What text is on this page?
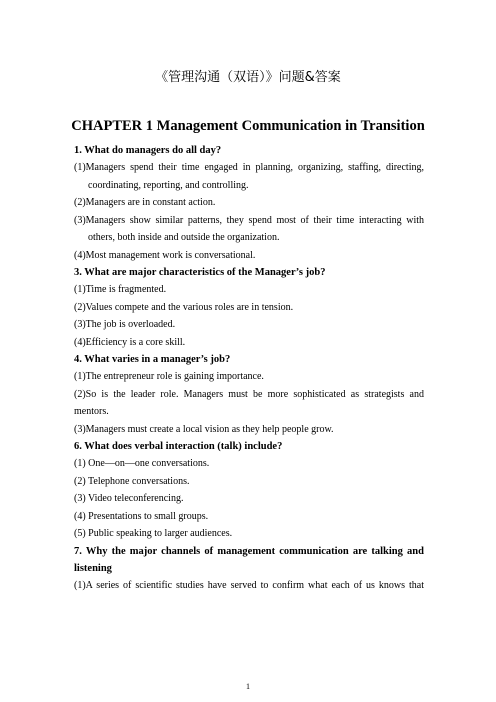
《管理沟通（双语）》问题&答案
CHAPTER 1 Management Communication in Transition
1. What do managers do all day?
(1)Managers spend their time engaged in planning, organizing, staffing, directing,
coordinating, reporting, and controlling.
(2)Managers are in constant action.
(3)Managers show similar patterns, they spend most of their time interacting with
others, both inside and outside the organization.
(4)Most management work is conversational.
3. What are major characteristics of the Manager’s job?
(1)Time is fragmented.
(2)Values compete and the various roles are in tension.
(3)The job is overloaded.
(4)Efficiency is a core skill.
4. What varies in a manager’s job?
(1)The entrepreneur role is gaining importance.
(2)So is the leader role. Managers must be more sophisticated as strategists and
mentors.
(3)Managers must create a local vision as they help people grow.
6. What does verbal interaction (talk) include?
(1) One—on—one conversations.
(2) Telephone conversations.
(3) Video teleconferencing.
(4) Presentations to small groups.
(5) Public speaking to larger audiences.
7. Why the major channels of management communication are talking and
listening
(1)A series of scientific studies have served to confirm what each of us knows that
1
